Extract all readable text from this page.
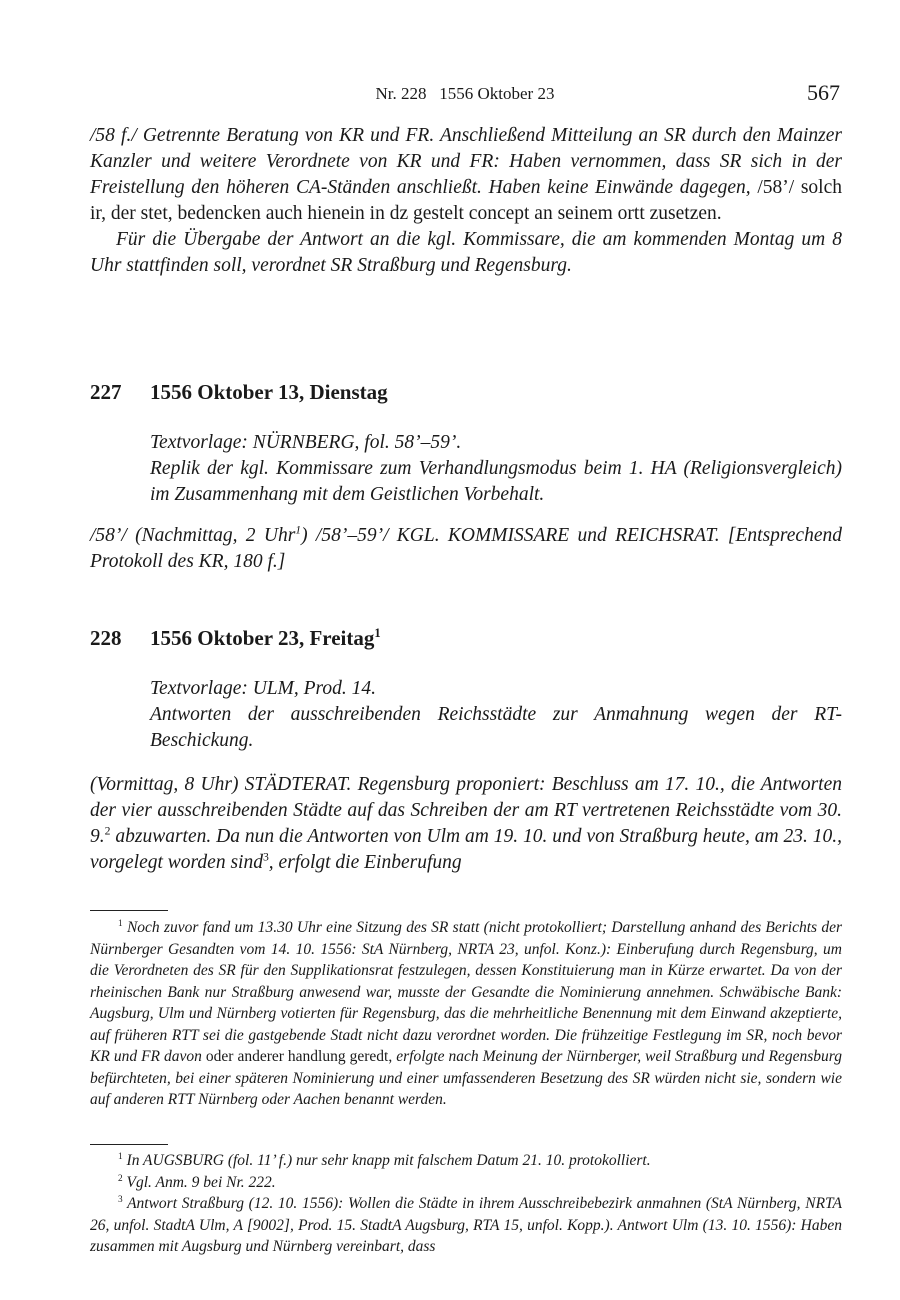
Nr. 228   1556 Oktober 23	567

/58 f./ Getrennte Beratung von KR und FR. Anschließend Mitteilung an SR durch den Mainzer Kanzler und weitere Verordnete von KR und FR: Haben vernommen, dass SR sich in der Freistellung den höheren CA-Ständen anschließt. Haben keine Einwände dagegen, /58’/ solch ir, der stet, bedencken auch hienein in dz gestelt concept an seinem ortt zusetzen.

Für die Übergabe der Antwort an die kgl. Kommissare, die am kommenden Montag um 8 Uhr stattfinden soll, verordnet SR Straßburg und Regensburg.

227 1556 Oktober 13, Dienstag

Textvorlage: NÜRNBERG, fol. 58’–59’.

Replik der kgl. Kommissare zum Verhandlungsmodus beim 1. HA (Religionsvergleich) im Zusammenhang mit dem Geistlichen Vorbehalt.

/58’/ (Nachmittag, 2 Uhr$^1$) /58’–59’/ KGL. KOMMISSARE und REICHSRAT. [Entsprechend Protokoll des KR, 180 f.]

228 1556 Oktober 23, Freitag$^1$

Textvorlage: ULM, Prod. 14.

Antworten der ausschreibenden Reichsstädte zur Anmahnung wegen der RT-Beschickung.

(Vormittag, 8 Uhr) STÄDTERAT. Regensburg proponiert: Beschluss am 17. 10., die Antworten der vier ausschreibenden Städte auf das Schreiben der am RT vertretenen Reichsstädte vom 30. 9.$^2$ abzuwarten. Da nun die Antworten von Ulm am 19. 10. und von Straßburg heute, am 23. 10., vorgelegt worden sind$^3$, erfolgt die Einberufung

$^1$ Noch zuvor fand um 13.30 Uhr eine Sitzung des SR statt (nicht protokolliert; Darstellung anhand des Berichts der Nürnberger Gesandten vom 14. 10. 1556: StA Nürnberg, NRTA 23, unfol. Konz.): Einberufung durch Regensburg, um die Verordneten des SR für den Supplikationsrat festzulegen, dessen Konstituierung man in Kürze erwartet. Da von der rheinischen Bank nur Straßburg anwesend war, musste der Gesandte die Nominierung annehmen. Schwäbische Bank: Augsburg, Ulm und Nürnberg votierten für Regensburg, das die mehrheitliche Benennung mit dem Einwand akzeptierte, auf früheren RTT sei die gastgebende Stadt nicht dazu verordnet worden. Die frühzeitige Festlegung im SR, noch bevor KR und FR davon oder anderer handlung geredt, erfolgte nach Meinung der Nürnberger, weil Straßburg und Regensburg befürchteten, bei einer späteren Nominierung und einer umfassenderen Besetzung des SR würden nicht sie, sondern wie auf anderen RTT Nürnberg oder Aachen benannt werden.

$^1$ In AUGSBURG (fol. 11’ f.) nur sehr knapp mit falschem Datum 21. 10. protokolliert.

$^2$ Vgl. Anm. 9 bei Nr. 222.

$^3$ Antwort Straßburg (12. 10. 1556): Wollen die Städte in ihrem Ausschreibebezirk anmahnen (StA Nürnberg, NRTA 26, unfol. StadtA Ulm, A [9002], Prod. 15. StadtA Augsburg, RTA 15, unfol. Kopp.). Antwort Ulm (13. 10. 1556): Haben zusammen mit Augsburg und Nürnberg vereinbart, dass
